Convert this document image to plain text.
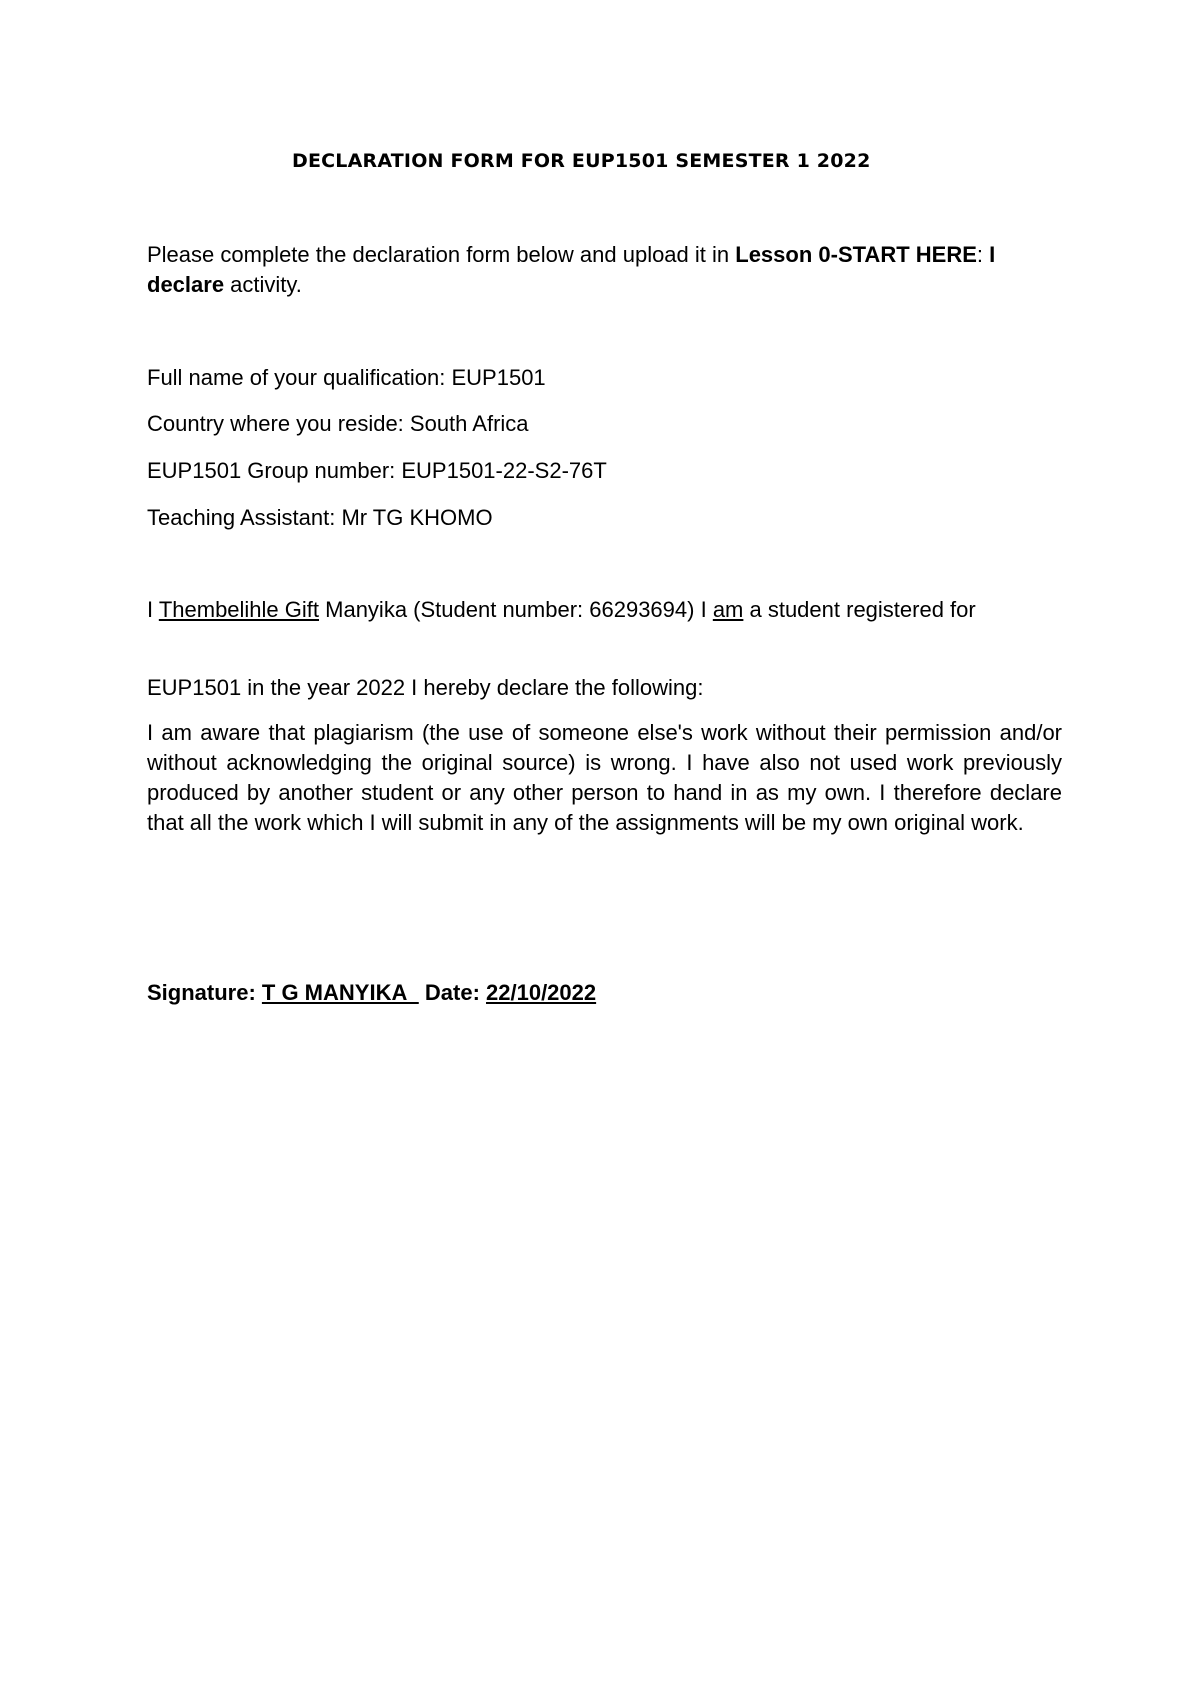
DECLARATION FORM FOR EUP1501 SEMESTER 1 2022
Please complete the declaration form below and upload it in Lesson 0-START HERE: I declare activity.
Full name of your qualification: EUP1501
Country where you reside: South Africa
EUP1501 Group number: EUP1501-22-S2-76T
Teaching Assistant: Mr TG KHOMO
I Thembelihle Gift Manyika (Student number: 66293694) I am a student registered for
EUP1501 in the year 2022 I hereby declare the following:
I am aware that plagiarism (the use of someone else's work without their permission and/or without acknowledging the original source) is wrong. I have also not used work previously produced by another student or any other person to hand in as my own. I therefore declare that all the work which I will submit in any of the assignments will be my own original work.
Signature: T G MANYIKA   Date: 22/10/2022
